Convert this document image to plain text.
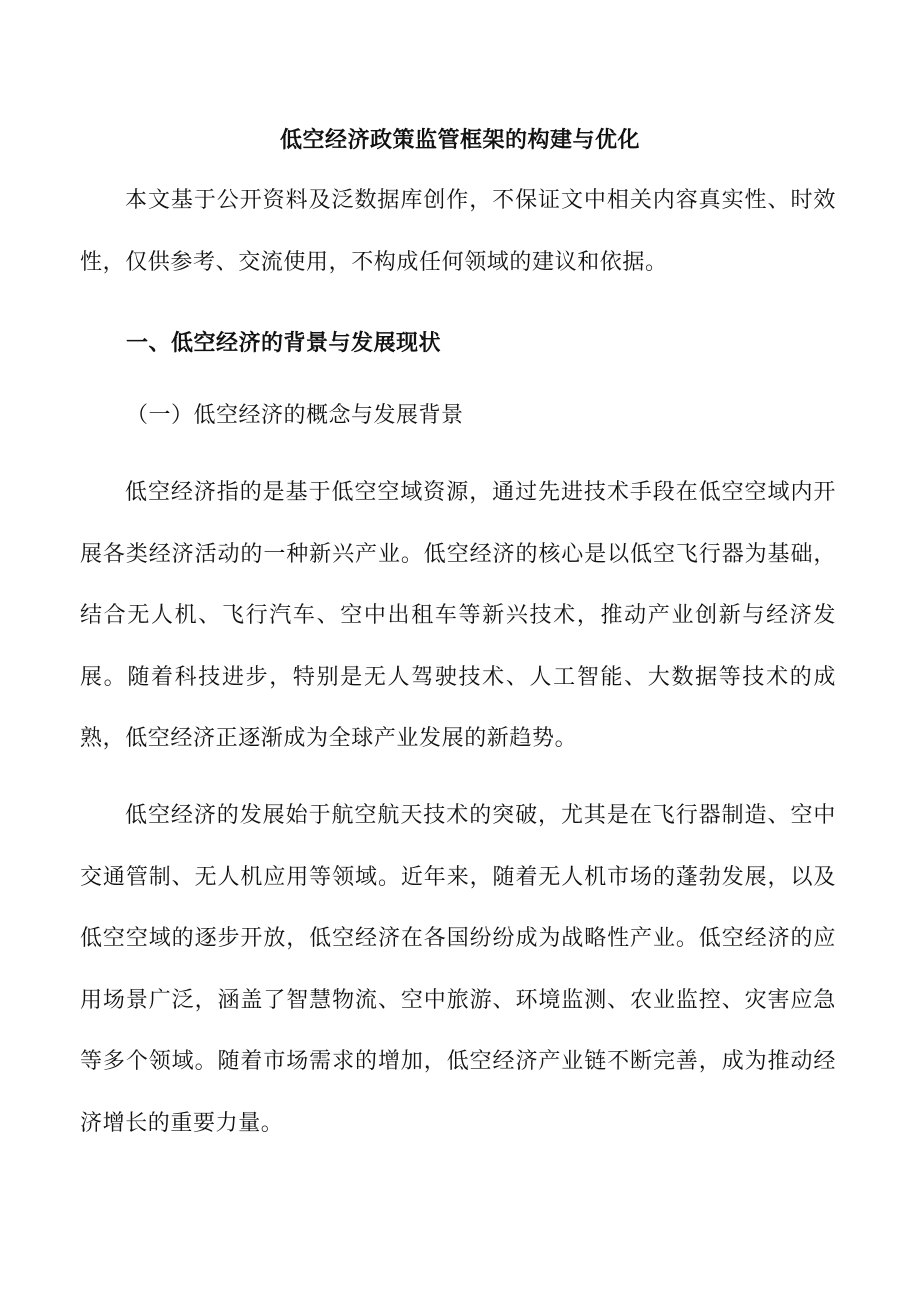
低空经济政策监管框架的构建与优化

本文基于公开资料及泛数据库创作，不保证文中相关内容真实性、时效性，仅供参考、交流使用，不构成任何领域的建议和依据。

一、低空经济的背景与发展现状
（一）低空经济的概念与发展背景

低空经济指的是基于低空空域资源，通过先进技术手段在低空空域内开展各类经济活动的一种新兴产业。低空经济的核心是以低空飞行器为基础，结合无人机、飞行汽车、空中出租车等新兴技术，推动产业创新与经济发展。随着科技进步，特别是无人驾驶技术、人工智能、大数据等技术的成熟，低空经济正逐渐成为全球产业发展的新趋势。

低空经济的发展始于航空航天技术的突破，尤其是在飞行器制造、空中交通管制、无人机应用等领域。近年来，随着无人机市场的蓬勃发展，以及低空空域的逐步开放，低空经济在各国纷纷成为战略性产业。低空经济的应用场景广泛，涵盖了智慧物流、空中旅游、环境监测、农业监控、灾害应急等多个领域。随着市场需求的增加，低空经济产业链不断完善，成为推动经济增长的重要力量。
